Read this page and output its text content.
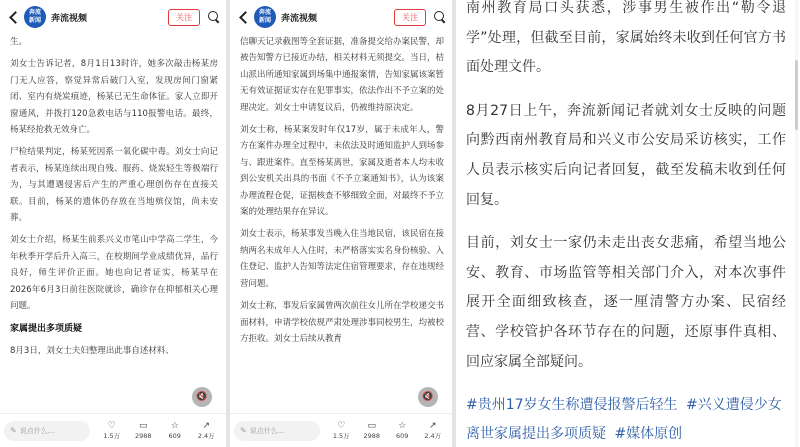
奔流
新闻	奔流视频	关注

生。

刘女士告诉记者，8月1日13时许，她多次敲击杨某房门无人应答，察觉异常后破门入室，发现房间门窗紧闭、室内有烧炭痕迹，杨某已无生命体征。家人立即开窗通风，并拨打120急救电话与110报警电话。最终，杨某经抢救无效身亡。

尸检结果判定，杨某死因系一氧化碳中毒。刘女士向记者表示，杨某连续出现自残、服药、烧炭轻生等极端行为，与其遭遇侵害后产生的严重心理创伤存在直接关联。目前，杨某的遗体仍存放在当地殡仪馆，尚未安葬。

刘女士介绍，杨某生前系兴义市笔山中学高二学生，今年秋季开学后升入高三，在校期间学业成绩优异，品行良好，师生评价正面。她也向记者证实，杨某早在2026年6月3日前往医院就诊，确诊存在抑郁相关心理问题。

家属提出多项质疑

8月3日，刘女士夫妇整理出此事自述材料、

🔇
✎ 说点什么...	♡
1.5万
▭
2988
☆
609
↗
2.4万
奔流
新闻	奔流视频	关注

信聊天记录截图等全套证据，准备提交给办案民警，却被告知警方已接近办结，相关材料无须提交。当日，桔山派出所通知家属到场集中通报案情，告知家属该案暂无有效证据证实存在犯罪事实，依法作出不予立案的处理决定。刘女士申请复议后，仍被维持原决定。

刘女士称，杨某案发时年仅17岁，属于未成年人，警方在案件办理全过程中，未依法及时通知监护人到场参与、跟进案件。直至杨某离世，家属及逝者本人均未收到公安机关出具的书面《不予立案通知书》，认为该案办理流程仓促，证据核查不够细致全面，对最终不予立案的处理结果存在异议。

刘女士表示，杨某事发当晚入住当地民宿，该民宿在接纳两名未成年人入住时，未严格落实实名身份核验、入住登记、监护人告知等法定住宿管理要求，存在违规经营问题。

刘女士称，事发后家属曾两次前往女儿所在学校递交书面材料，申请学校依规严肃处理涉事同校男生，均被校方拒收。刘女士后续从教育

🔇
✎ 说点什么...	♡
1.5万
▭
2988
☆
609
↗
2.4万

南州教育局口头获悉，涉事男生被作出“勒令退学”处理，但截至目前，家属始终未收到任何官方书面处理文件。

8月27日上午，奔流新闻记者就刘女士反映的问题向黔西南州教育局和兴义市公安局采访核实，工作人员表示核实后向记者回复，截至发稿未收到任何回复。

目前，刘女士一家仍未走出丧女悲痛，希望当地公安、教育、市场监管等相关部门介入，对本次事件展开全面细致核查，逐一厘清警方办案、民宿经营、学校管护各环节存在的问题，还原事件真相、回应家属全部疑问。

#贵州17岁女生称遭侵报警后轻生 #兴义遭侵少女离世家属提出多项质疑 #媒体原创
